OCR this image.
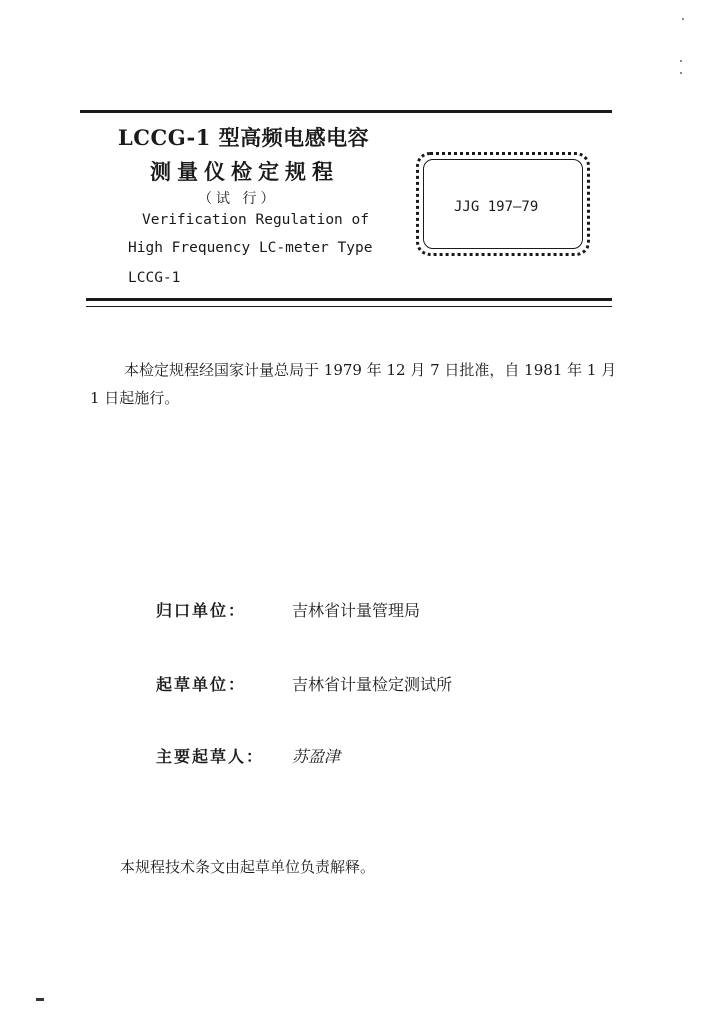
LCCG-1 型高频电感电容
测量仪检定规程
（试 行）
Verification Regulation of
High Frequency LC-meter Type
LCCG-1
JJG 197—79
本检定规程经国家计量总局于 1979 年 12 月 7 日批准，自 1981 年 1 月 1 日起施行。
归口单位：	吉林省计量管理局
起草单位：	吉林省计量检定测试所
主要起草人： 苏盈津
本规程技术条文由起草单位负责解释。
